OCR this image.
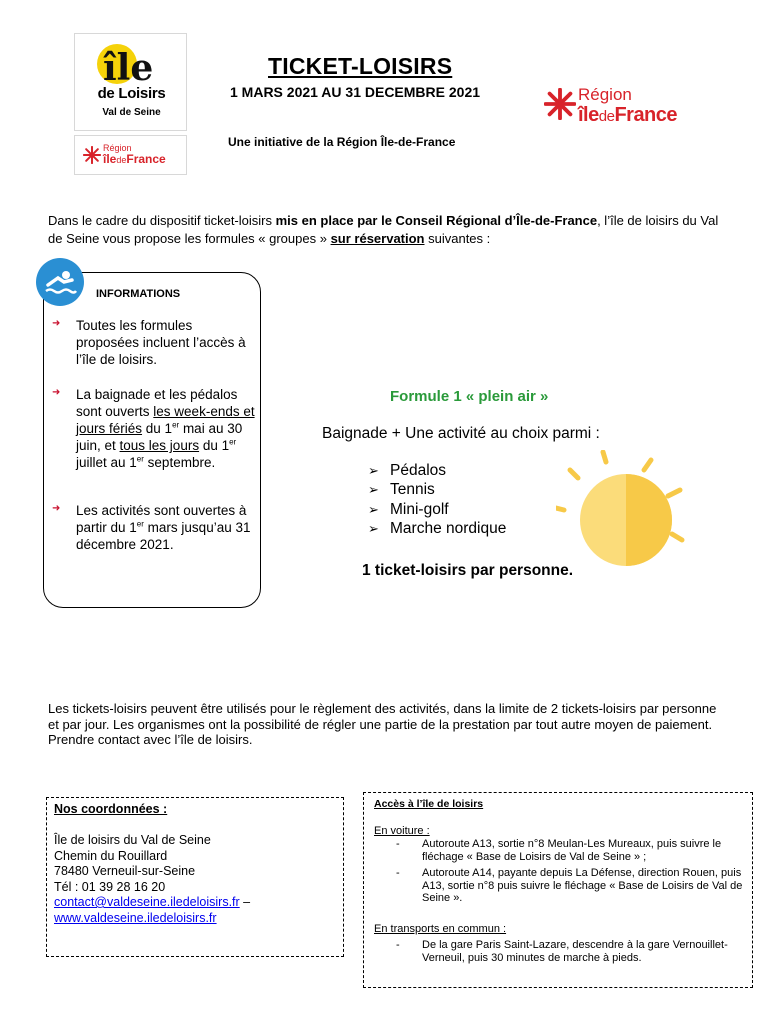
île
de Loisirs
Val de Seine
Région
îledeFrance
TICKET-LOISIRS
1 MARS 2021 AU 31 DECEMBRE 2021
Une initiative de la Région Île-de-France
Région
îledeFrance
Dans le cadre du dispositif ticket-loisirs mis en place par le Conseil Régional d’Île-de-France, l’île de loisirs du Val de Seine vous propose les formules « groupes » sur réservation suivantes :
INFORMATIONS
➜ Toutes les formules proposées incluent l’accès à l’île de loisirs.
➜ La baignade et les pédalos sont ouverts les week-ends et jours fériés du 1er mai au 30 juin, et tous les jours du 1er juillet au 1er septembre.
➜ Les activités sont ouvertes à partir du 1er mars jusqu’au 31 décembre 2021.
Formule 1 « plein air »
Baignade + Une activité au choix parmi :
➢ Pédalos
➢ Tennis
➢ Mini-golf
➢ Marche nordique
1 ticket-loisirs par personne.
Les tickets-loisirs peuvent être utilisés pour le règlement des activités, dans la limite de 2 tickets-loisirs par personne et par jour. Les organismes ont la possibilité de régler une partie de la prestation par tout autre moyen de paiement. Prendre contact avec l’île de loisirs.
Nos coordonnées :
Île de loisirs du Val de Seine
Chemin du Rouillard
78480 Verneuil-sur-Seine
Tél : 01 39 28 16 20
contact@valdeseine.iledeloisirs.fr –
www.valdeseine.iledeloisirs.fr
Accès à l’île de loisirs
En voiture :
-	Autoroute A13, sortie n°8 Meulan-Les Mureaux, puis suivre le fléchage « Base de Loisirs de Val de Seine » ;
-	Autoroute A14, payante depuis La Défense, direction Rouen, puis A13, sortie n°8 puis suivre le fléchage « Base de Loisirs de Val de Seine ».
En transports en commun :
-	De la gare Paris Saint-Lazare, descendre à la gare Vernouillet-Verneuil, puis 30 minutes de marche à pieds.
